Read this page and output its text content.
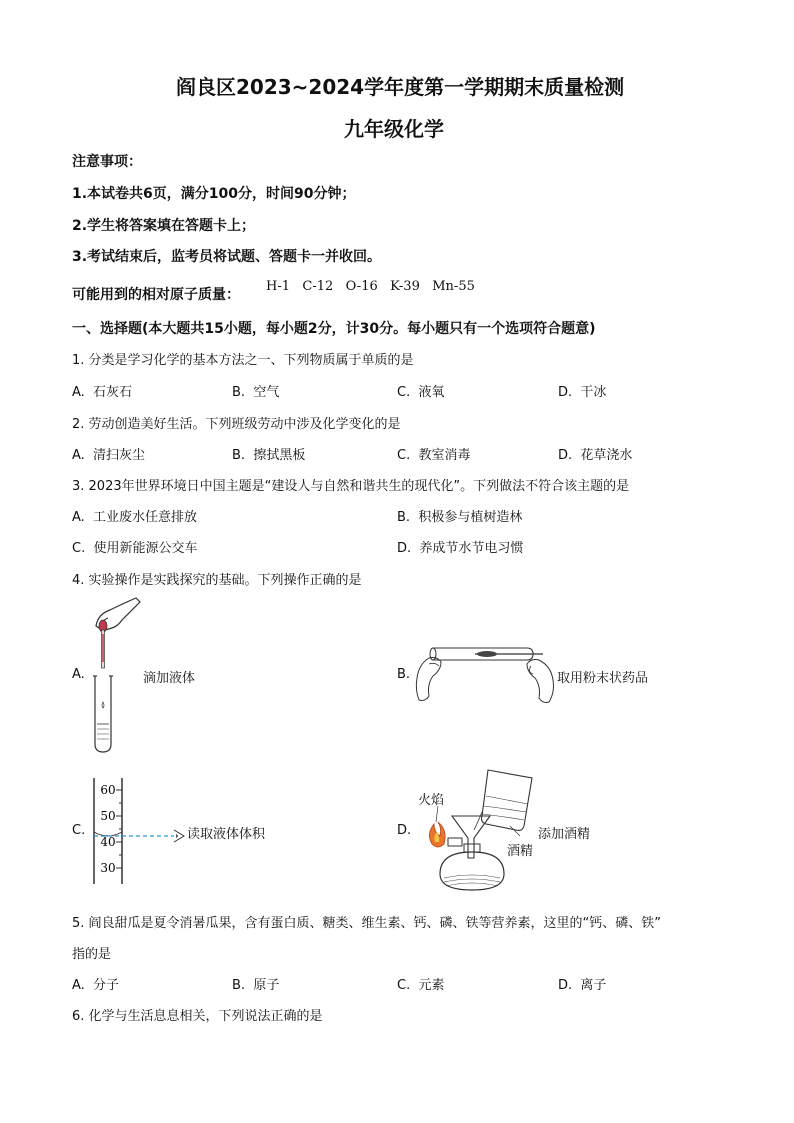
阎良区2023~2024学年度第一学期期末质量检测
九年级化学
注意事项：
1.本试卷共6页，满分100分，时间90分钟；
2.学生将答案填在答题卡上；
3.考试结束后，监考员将试题、答题卡一并收回。
可能用到的相对原子质量：
H-1   C-12   O-16   K-39   Mn-55
一、选择题(本大题共15小题，每小题2分，计30分。每小题只有一个选项符合题意)
1. 分类是学习化学的基本方法之一、下列物质属于单质的是
A.  石灰石	B.  空气	C.  液氧	D.  干冰
2. 劳动创造美好生活。下列班级劳动中涉及化学变化的是
A.  清扫灰尘	B.  擦拭黑板	C.  教室消毒	D.  花草浇水
3. 2023年世界环境日中国主题是“建设人与自然和谐共生的现代化”。下列做法不符合该主题的是
A.  工业废水任意排放	B.  积极参与植树造林
C.  使用新能源公交车	D.  养成节水节电习惯
4. 实验操作是实践探究的基础。下列操作正确的是
A.	滴加液体	B.	取用粉末状药品
C.
60
50
40
30
读取液体体积	D.
火焰
添加酒精
酒精
5. 阎良甜瓜是夏令消暑瓜果，含有蛋白质、糖类、维生素、钙、磷、铁等营养素，这里的“钙、磷、铁”
指的是
A.  分子	B.  原子	C.  元素	D.  离子
6. 化学与生活息息相关，下列说法正确的是
